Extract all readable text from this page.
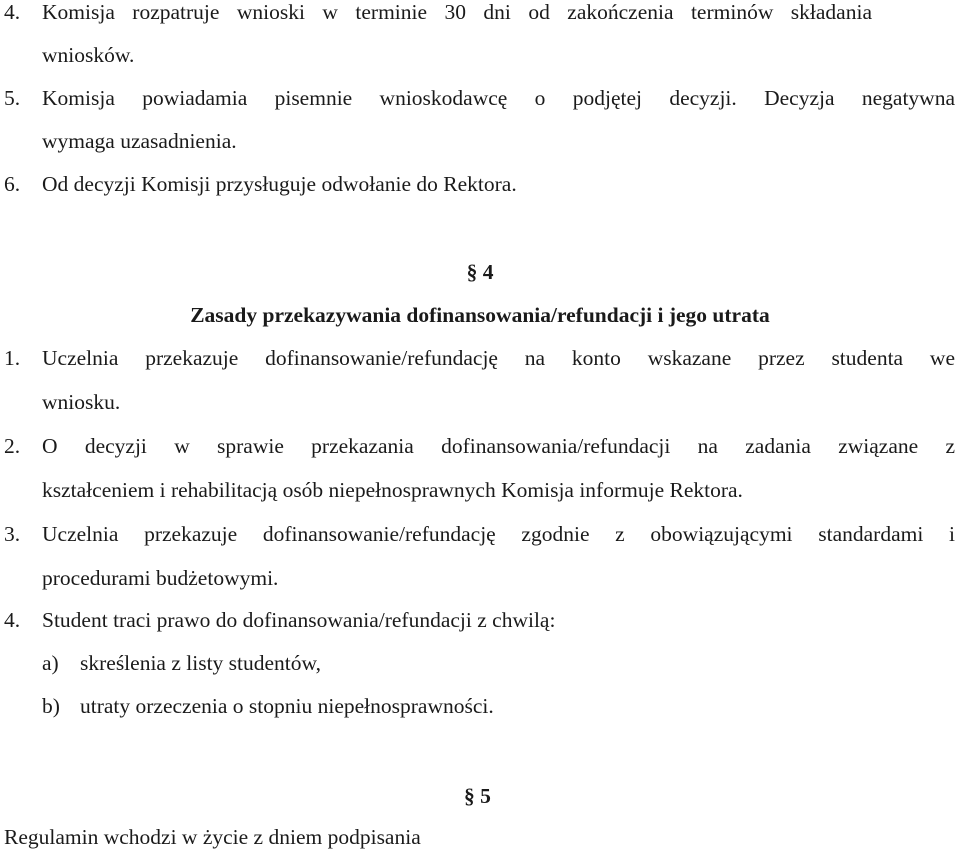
4. Komisja rozpatruje wnioski w terminie 30 dni od zakończenia terminów składania
wniosków.
5. Komisja powiadamia pisemnie wnioskodawcę o podjętej decyzji. Decyzja negatywna
wymaga uzasadnienia.
6. Od decyzji Komisji przysługuje odwołanie do Rektora.
§ 4
Zasady przekazywania dofinansowania/refundacji i jego utrata
1. Uczelnia przekazuje dofinansowanie/refundację na konto wskazane przez studenta we
wniosku.
2. O decyzji w sprawie przekazania dofinansowania/refundacji na zadania związane z
kształceniem i rehabilitacją osób niepełnosprawnych Komisja informuje Rektora.
3. Uczelnia przekazuje dofinansowanie/refundację zgodnie z obowiązującymi standardami i
procedurami budżetowymi.
4. Student traci prawo do dofinansowania/refundacji z chwilą:
a) skreślenia z listy studentów,
b) utraty orzeczenia o stopniu niepełnosprawności.
§ 5
Regulamin wchodzi w życie z dniem podpisania
